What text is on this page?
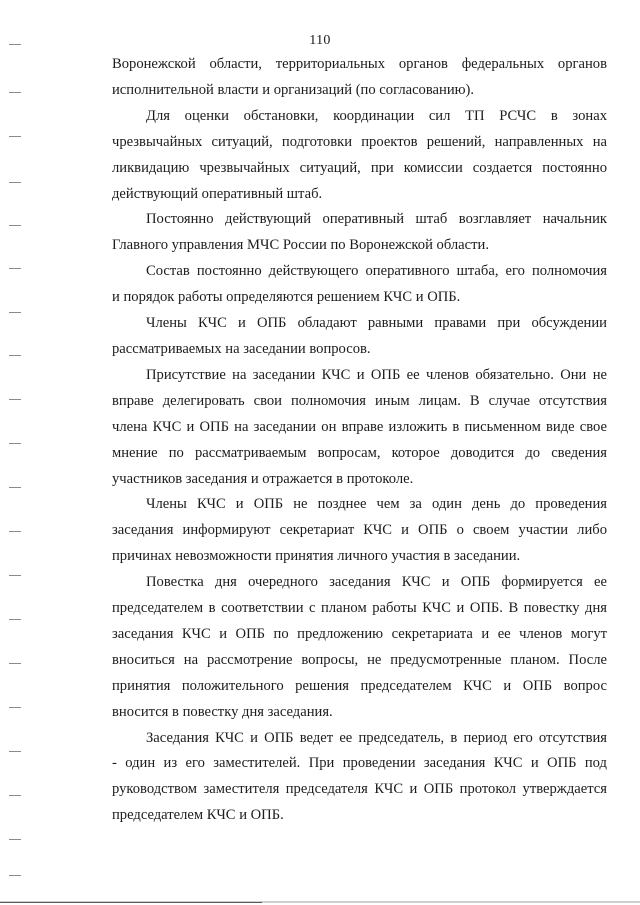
110

Воронежской области, территориальных органов федеральных органов
исполнительной власти и организаций (по согласованию).

Для оценки обстановки, координации сил ТП РСЧС в зонах
чрезвычайных ситуаций, подготовки проектов решений, направленных на
ликвидацию чрезвычайных ситуаций, при комиссии создается постоянно
действующий оперативный штаб.

Постоянно действующий оперативный штаб возглавляет начальник
Главного управления МЧС России по Воронежской области.

Состав постоянно действующего оперативного штаба, его полномочия
и порядок работы определяются решением КЧС и ОПБ.

Члены КЧС и ОПБ обладают равными правами при обсуждении
рассматриваемых на заседании вопросов.

Присутствие на заседании КЧС и ОПБ ее членов обязательно. Они не
вправе делегировать свои полномочия иным лицам. В случае отсутствия
члена КЧС и ОПБ на заседании он вправе изложить в письменном виде свое
мнение по рассматриваемым вопросам, которое доводится до сведения
участников заседания и отражается в протоколе.

Члены КЧС и ОПБ не позднее чем за один день до проведения
заседания информируют секретариат КЧС и ОПБ о своем участии либо
причинах невозможности принятия личного участия в заседании.

Повестка дня очередного заседания КЧС и ОПБ формируется ее
председателем в соответствии с планом работы КЧС и ОПБ. В повестку дня
заседания КЧС и ОПБ по предложению секретариата и ее членов могут
вноситься на рассмотрение вопросы, не предусмотренные планом. После
принятия положительного решения председателем КЧС и ОПБ вопрос
вносится в повестку дня заседания.

Заседания КЧС и ОПБ ведет ее председатель, в период его отсутствия
- один из его заместителей. При проведении заседания КЧС и ОПБ под
руководством заместителя председателя КЧС и ОПБ протокол утверждается
председателем КЧС и ОПБ.
